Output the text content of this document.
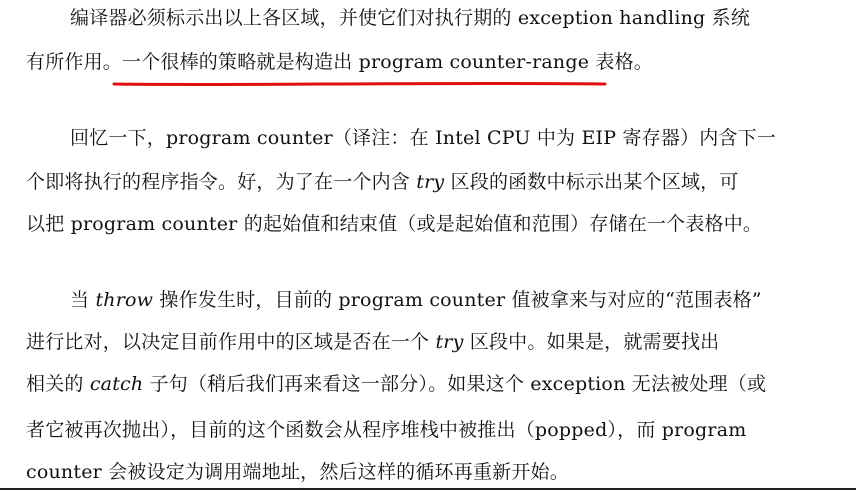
编译器必须标示出以上各区域，并使它们对执行期的 exception handling 系统
有所作用。一个很棒的策略就是构造出 program counter-range 表格。
回忆一下，program counter（译注：在 Intel CPU 中为 EIP 寄存器）内含下一
个即将执行的程序指令。好，为了在一个内含 try 区段的函数中标示出某个区域，可
以把 program counter 的起始值和结束值（或是起始值和范围）存储在一个表格中。
当 throw 操作发生时，目前的 program counter 值被拿来与对应的“范围表格”
进行比对，以决定目前作用中的区域是否在一个 try 区段中。如果是，就需要找出
相关的 catch 子句（稍后我们再来看这一部分）。如果这个 exception 无法被处理（或
者它被再次抛出），目前的这个函数会从程序堆栈中被推出（popped），而 program
counter 会被设定为调用端地址，然后这样的循环再重新开始。
